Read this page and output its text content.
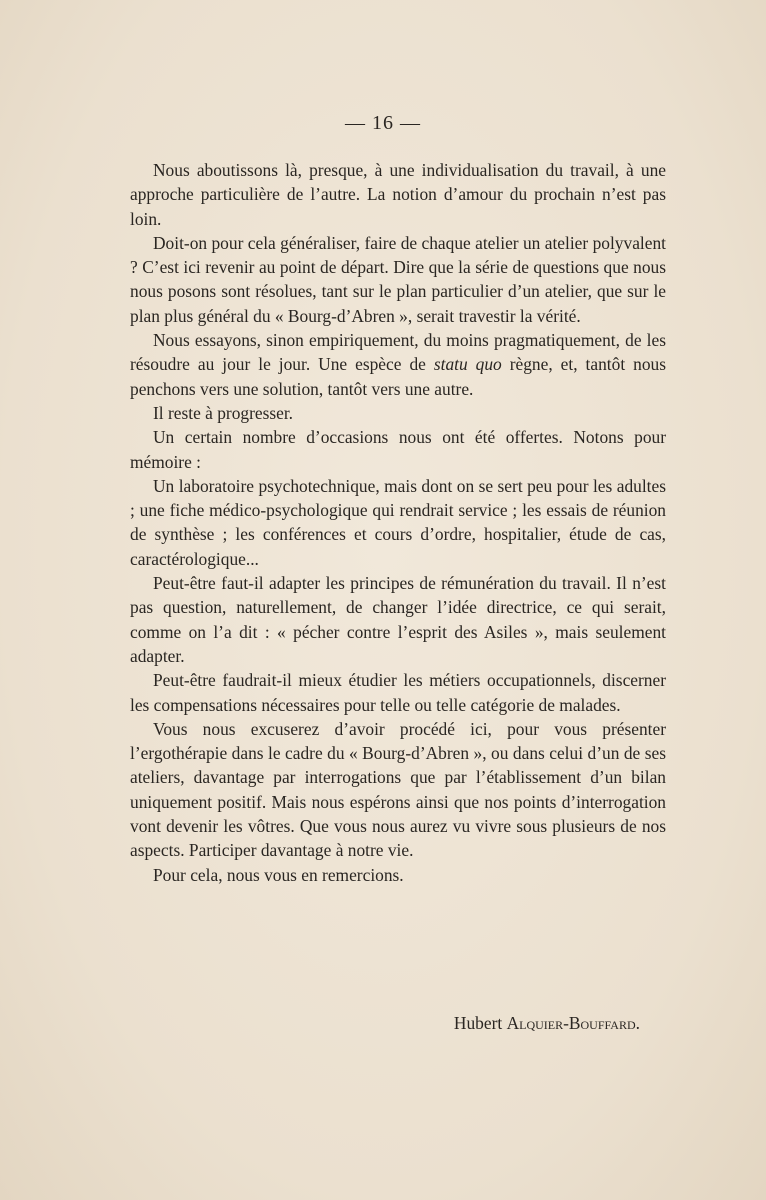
— 16 —

Nous aboutissons là, presque, à une individualisation du travail, à une approche particulière de l’autre. La notion d’amour du prochain n’est pas loin.

Doit-on pour cela généraliser, faire de chaque atelier un atelier polyvalent ? C’est ici revenir au point de départ. Dire que la série de questions que nous nous posons sont résolues, tant sur le plan particulier d’un atelier, que sur le plan plus général du « Bourg-d’Abren », serait travestir la vérité.

Nous essayons, sinon empiriquement, du moins pragmatiquement, de les résoudre au jour le jour. Une espèce de statu quo règne, et, tantôt nous penchons vers une solution, tantôt vers une autre.

Il reste à progresser.

Un certain nombre d’occasions nous ont été offertes. Notons pour mémoire :

Un laboratoire psychotechnique, mais dont on se sert peu pour les adultes ; une fiche médico-psychologique qui rendrait service ; les essais de réunion de synthèse ; les conférences et cours d’ordre, hospitalier, étude de cas, caractérologique...

Peut-être faut-il adapter les principes de rémunération du travail. Il n’est pas question, naturellement, de changer l’idée directrice, ce qui serait, comme on l’a dit : « pécher contre l’esprit des Asiles », mais seulement adapter.

Peut-être faudrait-il mieux étudier les métiers occupationnels, discerner les compensations nécessaires pour telle ou telle catégorie de malades.

Vous nous excuserez d’avoir procédé ici, pour vous présenter l’ergothérapie dans le cadre du « Bourg-d’Abren », ou dans celui d’un de ses ateliers, davantage par interrogations que par l’établissement d’un bilan uniquement positif. Mais nous espérons ainsi que nos points d’interrogation vont devenir les vôtres. Que vous nous aurez vu vivre sous plusieurs de nos aspects. Participer davantage à notre vie.

Pour cela, nous vous en remercions.

Hubert Alquier-Bouffard.
